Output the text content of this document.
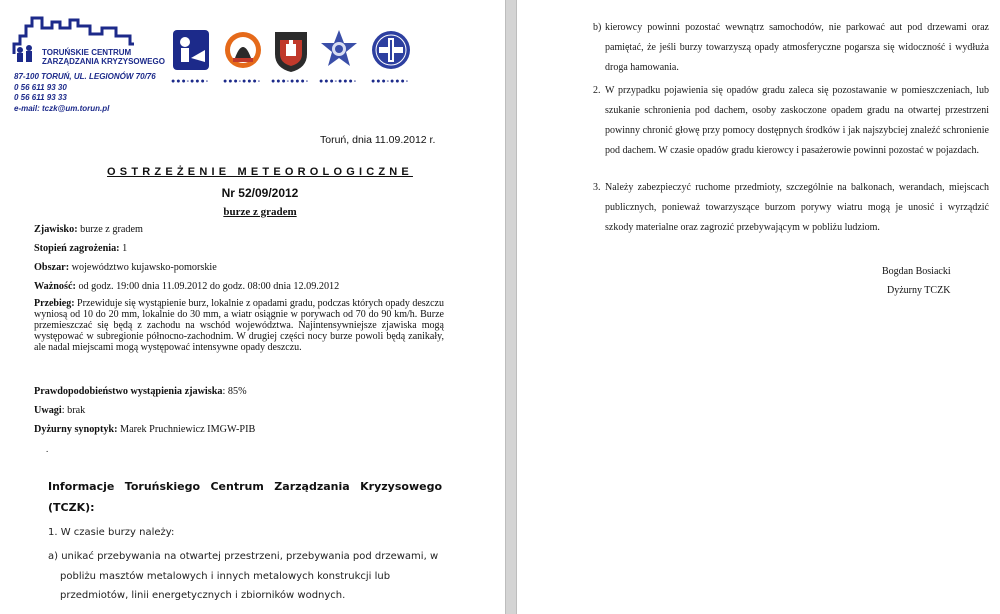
TORUŃSKIE CENTRUM
ZARZĄDZANIA KRYZYSOWEGO
87-100 TORUŃ, UL. LEGIONÓW 70/76
0 56 611 93 30
0 56 611 93 33
e-mail: tczk@um.torun.pl
●●●-●●●- ●●●-●●●- ●●●-●●●- ●●●-●●●- ●●●-●●●-
Toruń, dnia 11.09.2012 r.
OSTRZEŻENIE METEOROLOGICZNE
Nr 52/09/2012
burze z gradem
Zjawisko: burze z gradem
Stopień zagrożenia: 1
Obszar: województwo kujawsko-pomorskie
Ważność: od godz. 19:00 dnia 11.09.2012 do godz. 08:00 dnia 12.09.2012
Przebieg: Przewiduje się wystąpienie burz, lokalnie z opadami gradu, podczas których opady deszczu wyniosą od 10 do 20 mm, lokalnie do 30 mm, a wiatr osiągnie w porywach od 70 do 90 km/h. Burze przemieszczać się będą z zachodu na wschód województwa. Najintensywniejsze zjawiska mogą występować w subregionie północno-zachodnim. W drugiej części nocy burze powoli będą zanikały, ale nadal miejscami mogą występować intensywne opady deszczu.
Prawdopodobieństwo wystąpienia zjawiska: 85%
Uwagi: brak
Dyżurny synoptyk: Marek Pruchniewicz IMGW-PIB
.
Informacje Toruńskiego Centrum Zarządzania Kryzysowego (TCZK):
1. W czasie burzy należy:
a) unikać przebywania na otwartej przestrzeni, przebywania pod drzewami, w
pobliżu masztów metalowych i innych metalowych konstrukcji lub
przedmiotów, linii energetycznych i zbiorników wodnych.
b) kierowcy powinni pozostać wewnątrz samochodów, nie parkować aut pod drzewami oraz pamiętać, że jeśli burzy towarzyszą opady atmosferyczne pogarsza się widoczność i wydłuża droga hamowania.
2. W przypadku pojawienia się opadów gradu zaleca się pozostawanie w pomieszczeniach, lub szukanie schronienia pod dachem, osoby zaskoczone opadem gradu na otwartej przestrzeni powinny chronić głowę przy pomocy dostępnych środków i jak najszybciej znaleźć schronienie pod dachem. W czasie opadów gradu kierowcy i pasażerowie powinni pozostać w pojazdach.
3. Należy zabezpieczyć ruchome przedmioty, szczególnie na balkonach, werandach, miejscach publicznych, ponieważ towarzyszące burzom porywy wiatru mogą je unosić i wyrządzić szkody materialne oraz zagrozić przebywającym w pobliżu ludziom.
Bogdan Bosiacki
Dyżurny TCZK
